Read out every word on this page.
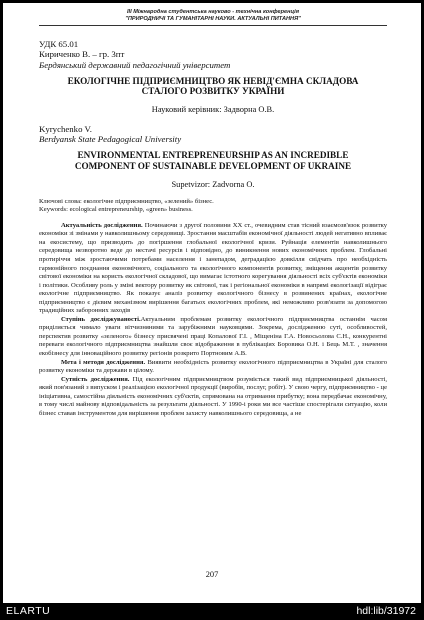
ІІІ Міжнародна студентська науково - технічна конференція
"ПРИРОДНИЧІ ТА ГУМАНІТАРНІ НАУКИ. АКТУАЛЬНІ ПИТАННЯ"
УДК 65.01
Кириченко В. – гр. 3пт
Бердянський державний педагогічний університет
ЕКОЛОГІЧНЕ ПІДПРИЄМНИЦТВО ЯК НЕВІД'ЄМНА СКЛАДОВА
СТАЛОГО РОЗВИТКУ УКРАЇНИ
Науковий керівник: Задворна О.В.
Kyrychenko V.
Berdyansk State Pedagogical University
ENVIRONMENTAL ENTREPRENEURSHIP AS AN INCREDIBLE
COMPONENT OF SUSTAINABLE DEVELOPMENT OF UKRAINE
Supetvizor: Zadvorna O.
Ключові слова: екологічне підприємництво, «зелений» бізнес.
Keywords: ecological entrepreneurship, «green» business.

Актуальність дослідження. Починаючи з другої половини XX ст., очевидним став тісний взаємозв'язок розвитку економіки зі змінами у навколишньому середовищі. Зростання масштабів економічної діяльності людей негативно впливає на екосистему, що призводить до погіршення глобальної екологічної кризи. Руйнація елементів навколишнього середовища незворотно веде до нестачі ресурсів і відповідно, до виникнення нових економічних проблем. Глобальні протиріччя між зростаючими потребами населення і занепадом, деградацією довкілля свідчать про необхідність гармонійного поєднання економічного, соціального та екологічного компонентів розвитку, зміщення акцентів розвитку світової економіки на користь екологічної складової, що вимагає істотного корегування діяльності всіх суб'єктів економіки і політики. Особливу роль у зміні вектору розвитку як світової, так і регіональної економіки в напрямі екологізації відіграє екологічне підприємництво. Як показує аналіз розвитку екологічного бізнесу в розвинених країнах, екологічне підприємництво є дієвим механізмом вирішення багатьох екологічних проблем, які неможливо розв'язати за допомогою традиційних заборонних заходів

Ступінь досліджуваності.Актуальним проблемам розвитку екологічного підприємництва останнім часом приділяється чимало уваги вітчизняними та зарубіжними науковцями. Зокрема, дослідженню суті, особливостей, перспектив розвитку «зеленого» бізнесу присвячені праці Копалової Г.І. , Міщеніна Г.А. Новосьолова С.Н., конкурентні переваги екологічного підприємництва знайшли своє відображення в публікаціях Боровика О.Н. і Бець М.Т. , значення екобізнесу для інноваційного розвитку регіонів розкрито Портновим А.В.

Мета і методи дослідження. Виявити необхідність розвитку екологічного підприємництва в Україні для сталого розвитку економіки та держави в цілому.

Сутність дослідження. Під екологічним підприємництвом розуміється такий вид підприємницької діяльності, який пов'язаний з випуском і реалізацією екологічної продукції (виробів, послуг, робіт). У свою чергу, підприємництво - це ініціативна, самостійна діяльність економічних суб'єктів, спрямована на отримання прибутку; вона передбачає економічну, в тому числі майнову відповідальність за результати діяльності. У 1990-і роки ми все частіше спостерігали ситуацію, коли бізнес ставав інструментом для вирішення проблем захисту навколишнього середовища, а не

207
ELARTU	hdl:lib/31972
